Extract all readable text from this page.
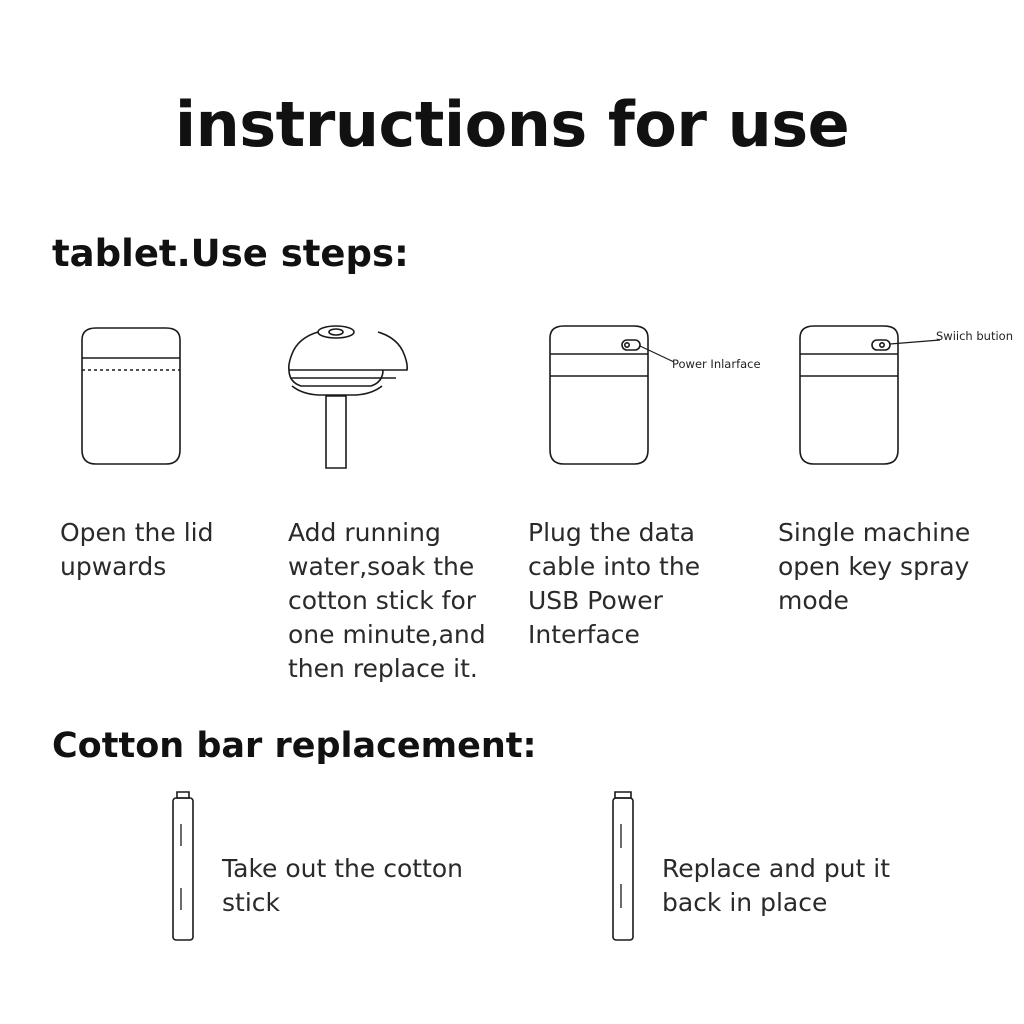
instructions for use
tablet.Use steps:
Open the lid upwards
Add running water,soak the cotton stick for one minute,and then replace it.
Power Inlarface
Plug the data cable into the USB Power Interface
Swiich bution
Single machine open key spray mode
Cotton bar replacement:
Take out the cotton stick
Replace and put it back in place
